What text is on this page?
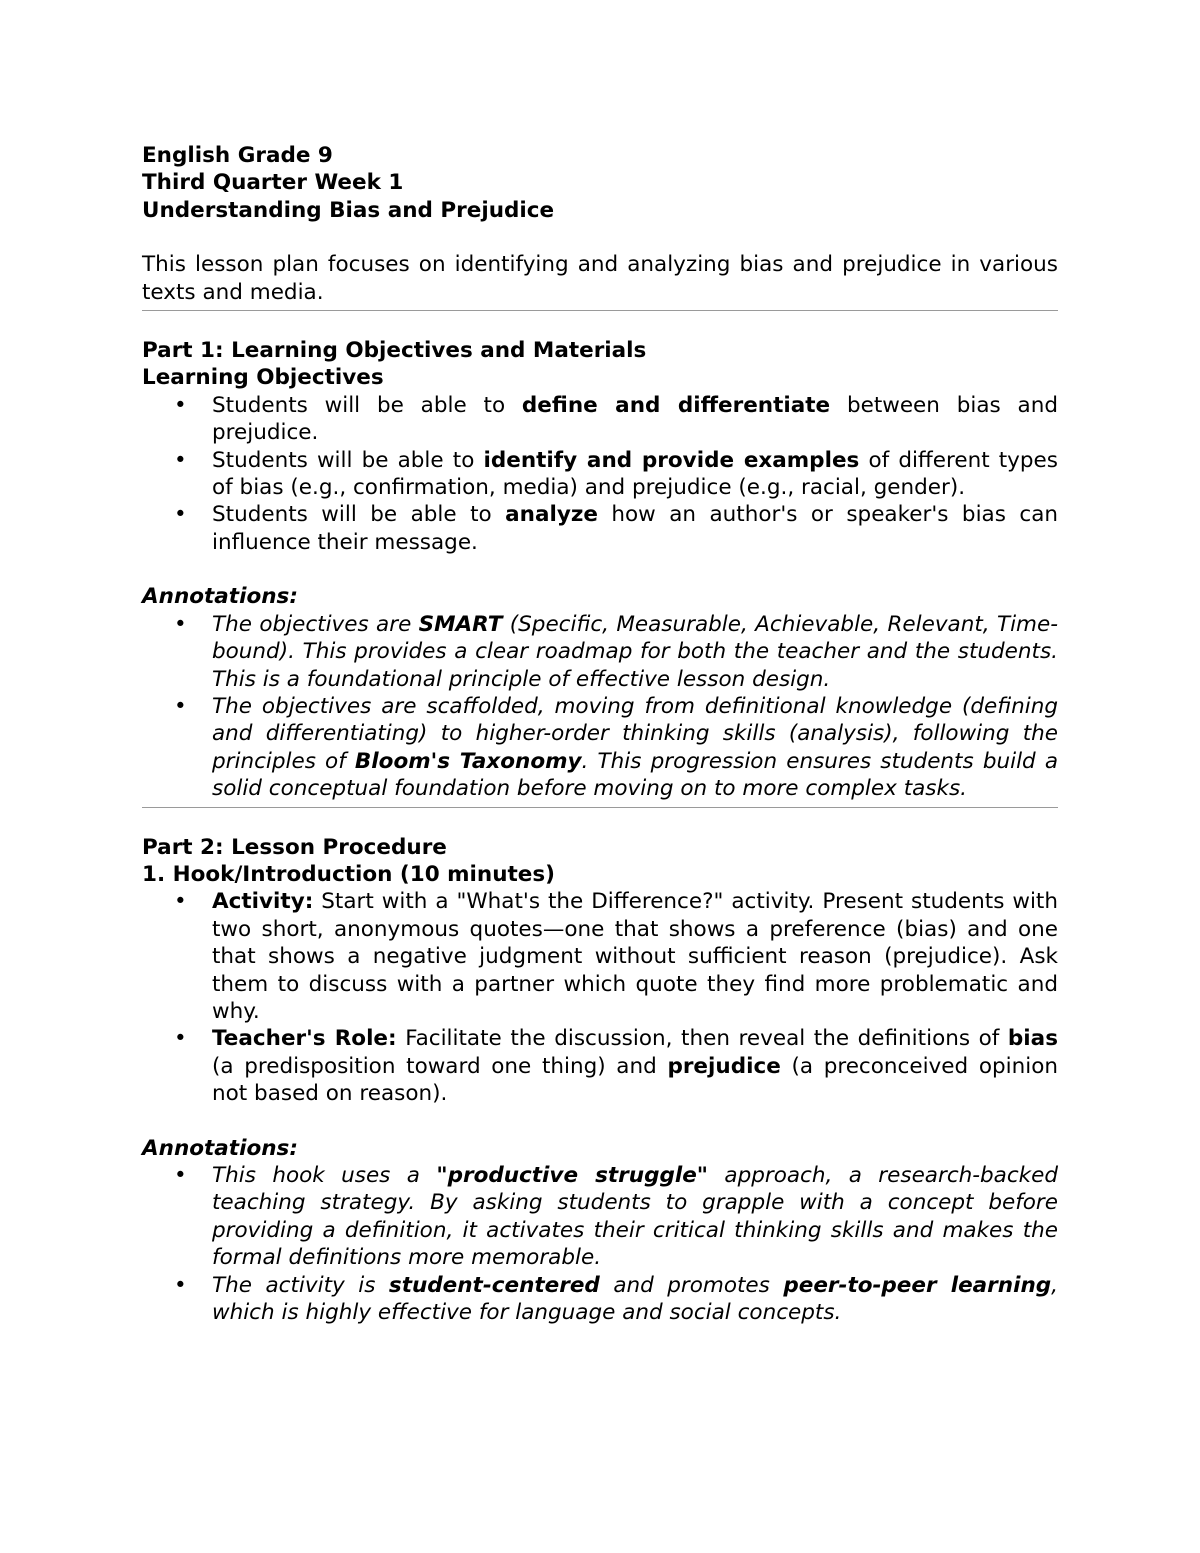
English Grade 9

Third Quarter Week 1

Understanding Bias and Prejudice

This lesson plan focuses on identifying and analyzing bias and prejudice in various texts and media.

Part 1: Learning Objectives and Materials

Learning Objectives

• Students will be able to define and differentiate between bias and prejudice.
• Students will be able to identify and provide examples of different types of bias (e.g., confirmation, media) and prejudice (e.g., racial, gender).
• Students will be able to analyze how an author's or speaker's bias can influence their message.

Annotations:

• The objectives are SMART (Specific, Measurable, Achievable, Relevant, Time-bound). This provides a clear roadmap for both the teacher and the students. This is a foundational principle of effective lesson design.
• The objectives are scaffolded, moving from definitional knowledge (defining and differentiating) to higher-order thinking skills (analysis), following the principles of Bloom's Taxonomy. This progression ensures students build a solid conceptual foundation before moving on to more complex tasks.

Part 2: Lesson Procedure

1. Hook/Introduction (10 minutes)

• Activity: Start with a "What's the Difference?" activity. Present students with two short, anonymous quotes—one that shows a preference (bias) and one that shows a negative judgment without sufficient reason (prejudice). Ask them to discuss with a partner which quote they find more problematic and why.
• Teacher's Role: Facilitate the discussion, then reveal the definitions of bias (a predisposition toward one thing) and prejudice (a preconceived opinion not based on reason).

Annotations:

• This hook uses a "productive struggle" approach, a research-backed teaching strategy. By asking students to grapple with a concept before providing a definition, it activates their critical thinking skills and makes the formal definitions more memorable.
• The activity is student-centered and promotes peer-to-peer learning, which is highly effective for language and social concepts.
